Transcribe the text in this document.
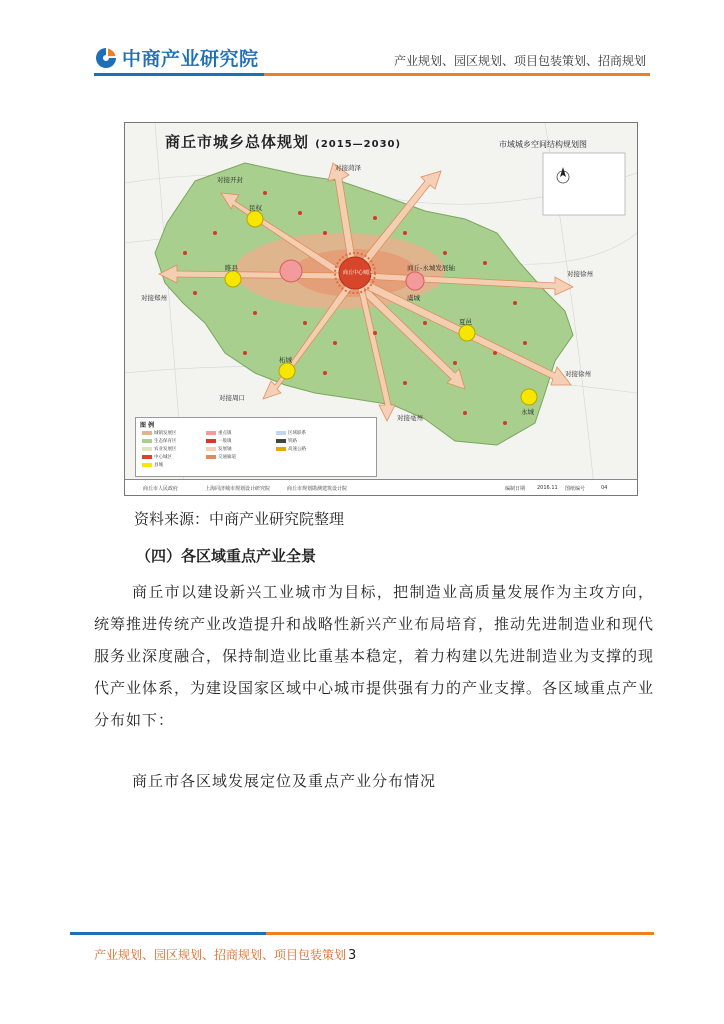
中商产业研究院	产业规划、园区规划、项目包装策划、招商规划
商丘市城乡总体规划 (2015—2030)	市域城乡空间结构规划图
对接开封
对接菏泽
对接郑州
对接徐州
对接徐州
对接周口
对接亳州
商丘-永城发展轴
商丘中心城区
民权
睢县
柘城
夏邑
虞城
永城
图 例
城镇发展区
生态保育区
农业发展区
中心城区
县城
重点镇
一般镇
发展轴
交通廊道
区域联系
铁路
高速公路
商丘市人民政府	上海同济城市规划设计研究院	商丘市规划勘测建筑设计院	编制日期 2016.11 图纸编号	04
资料来源：中商产业研究院整理
（四）各区域重点产业全景

商丘市以建设新兴工业城市为目标，把制造业高质量发展作为主攻方向，统筹推进传统产业改造提升和战略性新兴产业布局培育，推动先进制造业和现代服务业深度融合，保持制造业比重基本稳定，着力构建以先进制造业为支撑的现代产业体系，为建设国家区域中心城市提供强有力的产业支撑。各区域重点产业分布如下：

商丘市各区域发展定位及重点产业分布情况
产业规划、园区规划、招商规划、项目包装策划 3
